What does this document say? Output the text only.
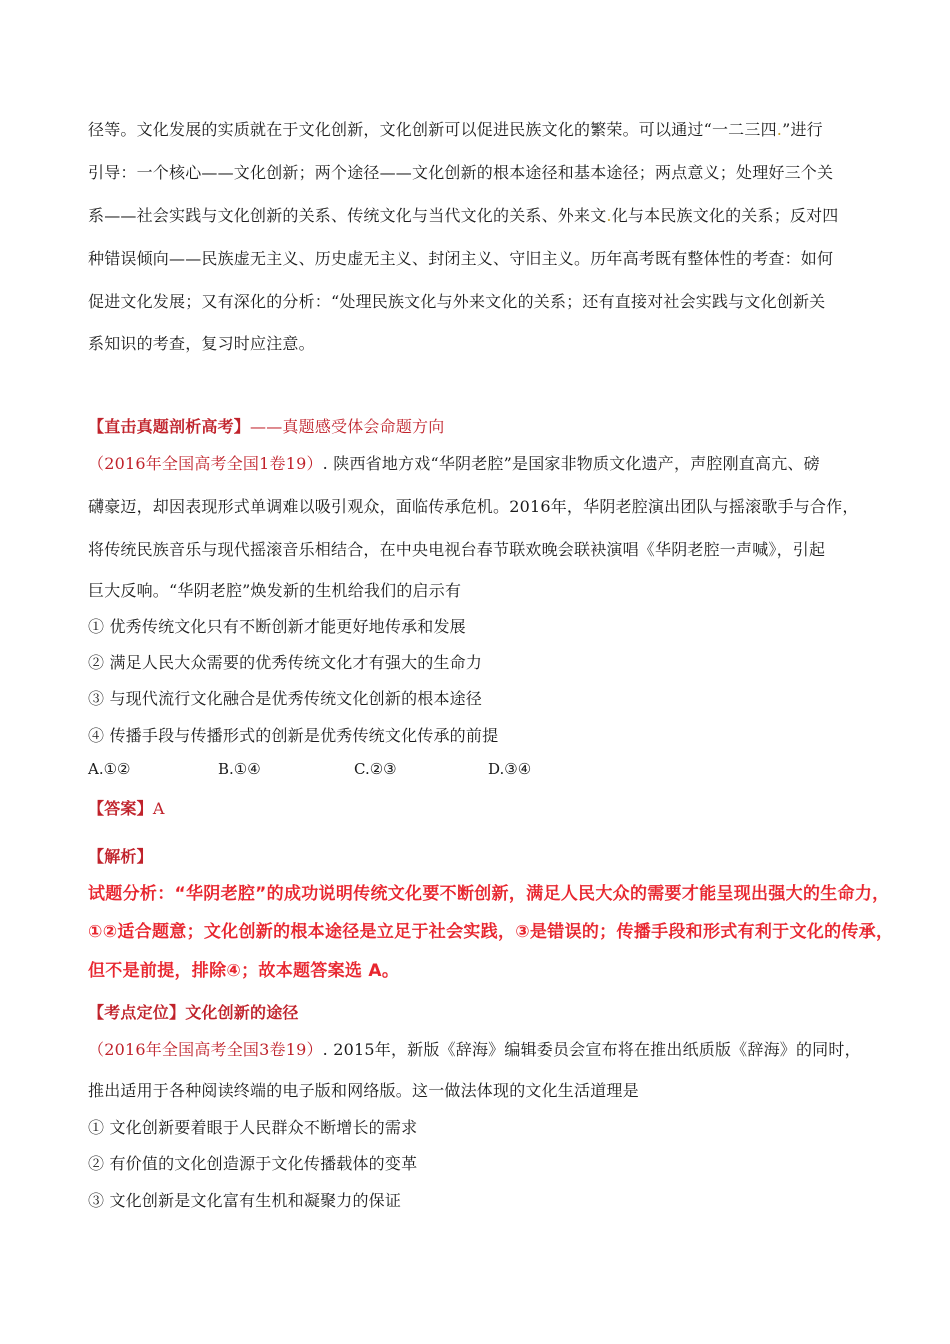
径等。文化发展的实质就在于文化创新，文化创新可以促进民族文化的繁荣。可以通过“一二三四.”进行
引导：一个核心——文化创新；两个途径——文化创新的根本途径和基本途径；两点意义；处理好三个关
系——社会实践与文化创新的关系、传统文化与当代文化的关系、外来文.化与本民族文化的关系；反对四
种错误倾向——民族虚无主义、历史虚无主义、封闭主义、守旧主义。历年高考既有整体性的考查：如何
促进文化发展；又有深化的分析：“处理民族文化与外来文化的关系；还有直接对社会实践与文化创新关
系知识的考查，复习时应注意。
【直击真题剖析高考】——真题感受体会命题方向
（2016年全国高考全国1卷19）. 陕西省地方戏“华阴老腔”是国家非物质文化遗产，声腔刚直高亢、磅
礴豪迈，却因表现形式单调难以吸引观众，面临传承危机。2016年，华阴老腔演出团队与摇滚歌手与合作，
将传统民族音乐与现代摇滚音乐相结合，在中央电视台春节联欢晚会联袂演唱《华阴老腔一声喊》，引起
巨大反响。“华阴老腔”焕发新的生机给我们的启示有
① 优秀传统文化只有不断创新才能更好地传承和发展
② 满足人民大众需要的优秀传统文化才有强大的生命力
③ 与现代流行文化融合是优秀传统文化创新的根本途径
④ 传播手段与传播形式的创新是优秀传统文化传承的前提
A.①②	B.①④	C.②③	D.③④
【答案】A
【解析】
试题分析：“华阴老腔”的成功说明传统文化要不断创新，满足人民大众的需要才能呈现出强大的生命力，
①②适合题意；文化创新的根本途径是立足于社会实践，③是错误的；传播手段和形式有利于文化的传承，
但不是前提，排除④；故本题答案选 A。
【考点定位】文化创新的途径
（2016年全国高考全国3卷19）. 2015年，新版《辞海》编辑委员会宣布将在推出纸质版《辞海》的同时，
推出适用于各种阅读终端的电子版和网络版。这一做法体现的文化生活道理是
① 文化创新要着眼于人民群众不断增长的需求
② 有价值的文化创造源于文化传播载体的变革
③ 文化创新是文化富有生机和凝聚力的保证
